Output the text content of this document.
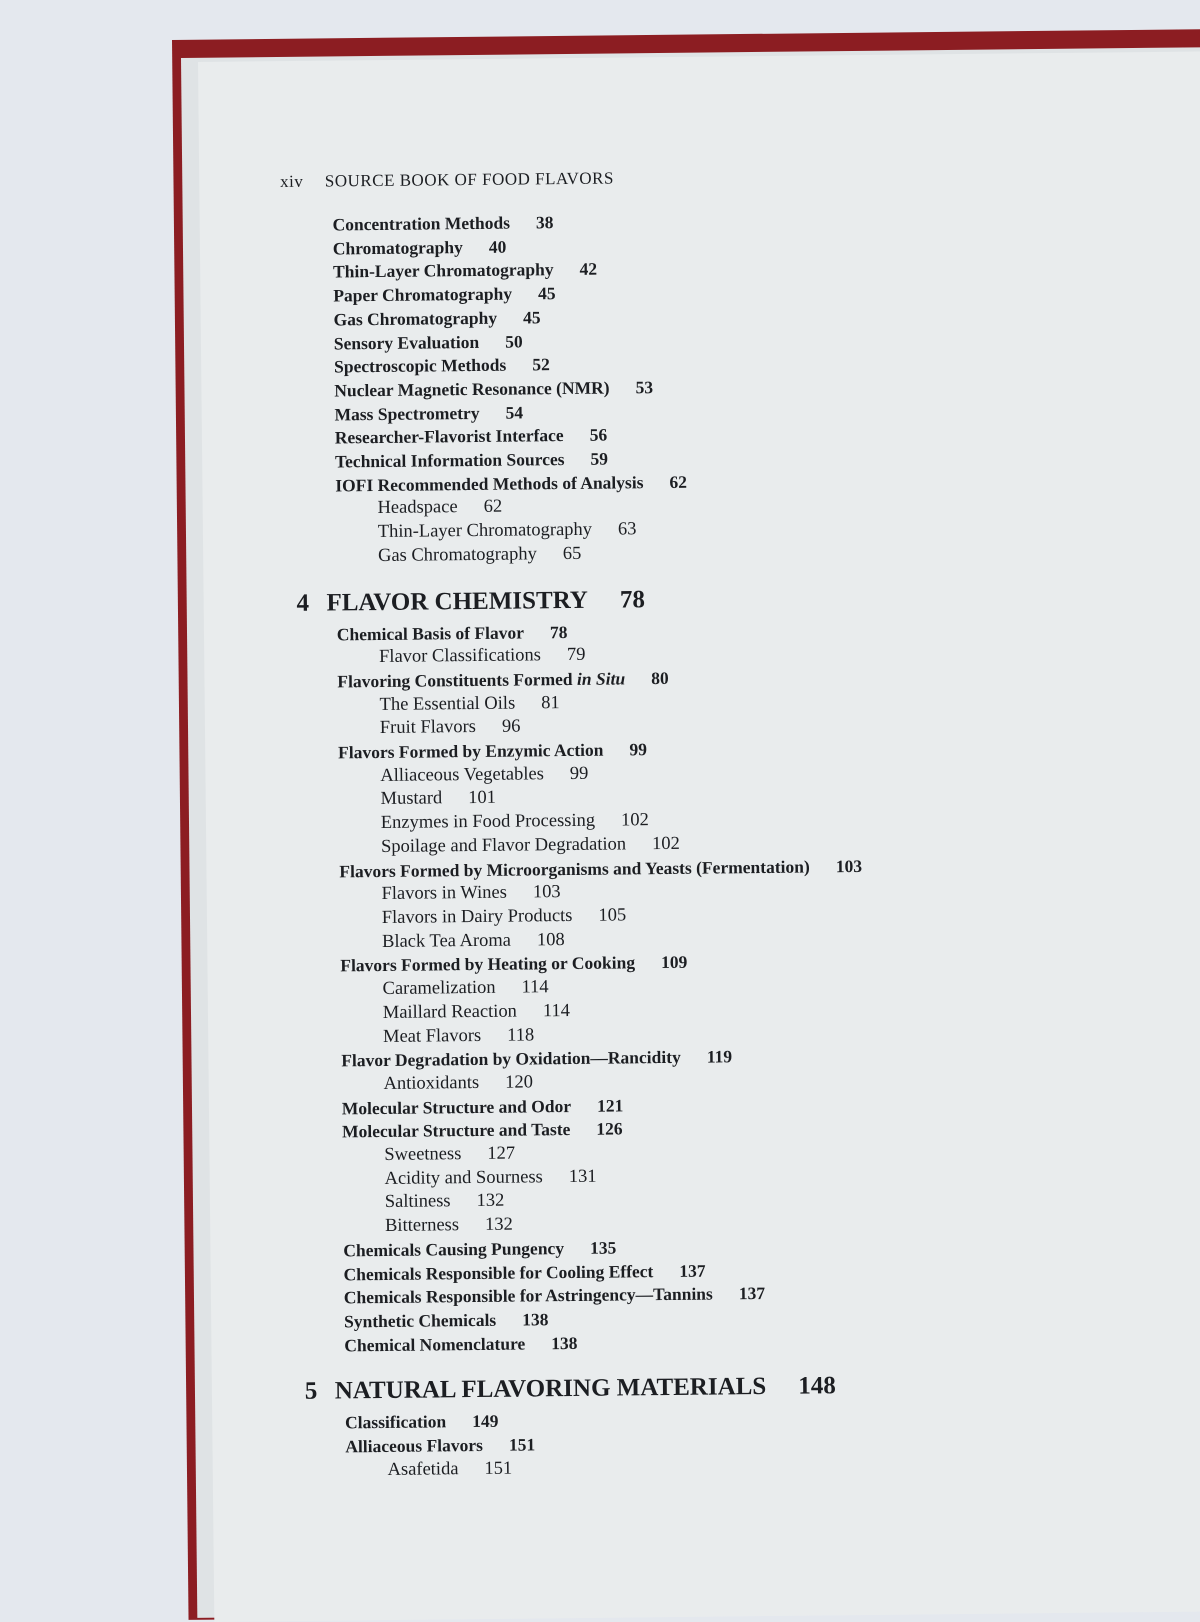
xiv SOURCE BOOK OF FOOD FLAVORS
Concentration Methods 38
Chromatography 40
Thin-Layer Chromatography 42
Paper Chromatography 45
Gas Chromatography 45
Sensory Evaluation 50
Spectroscopic Methods 52
Nuclear Magnetic Resonance (NMR) 53
Mass Spectrometry 54
Researcher-Flavorist Interface 56
Technical Information Sources 59
IOFI Recommended Methods of Analysis 62
Headspace 62
Thin-Layer Chromatography 63
Gas Chromatography 65
4 FLAVOR CHEMISTRY 78
Chemical Basis of Flavor 78
Flavor Classifications 79
Flavoring Constituents Formed in Situ 80
The Essential Oils 81
Fruit Flavors 96
Flavors Formed by Enzymic Action 99
Alliaceous Vegetables 99
Mustard 101
Enzymes in Food Processing 102
Spoilage and Flavor Degradation 102
Flavors Formed by Microorganisms and Yeasts (Fermentation) 103
Flavors in Wines 103
Flavors in Dairy Products 105
Black Tea Aroma 108
Flavors Formed by Heating or Cooking 109
Caramelization 114
Maillard Reaction 114
Meat Flavors 118
Flavor Degradation by Oxidation—Rancidity 119
Antioxidants 120
Molecular Structure and Odor 121
Molecular Structure and Taste 126
Sweetness 127
Acidity and Sourness 131
Saltiness 132
Bitterness 132
Chemicals Causing Pungency 135
Chemicals Responsible for Cooling Effect 137
Chemicals Responsible for Astringency—Tannins 137
Synthetic Chemicals 138
Chemical Nomenclature 138
5 NATURAL FLAVORING MATERIALS 148
Classification 149
Alliaceous Flavors 151
Asafetida 151
